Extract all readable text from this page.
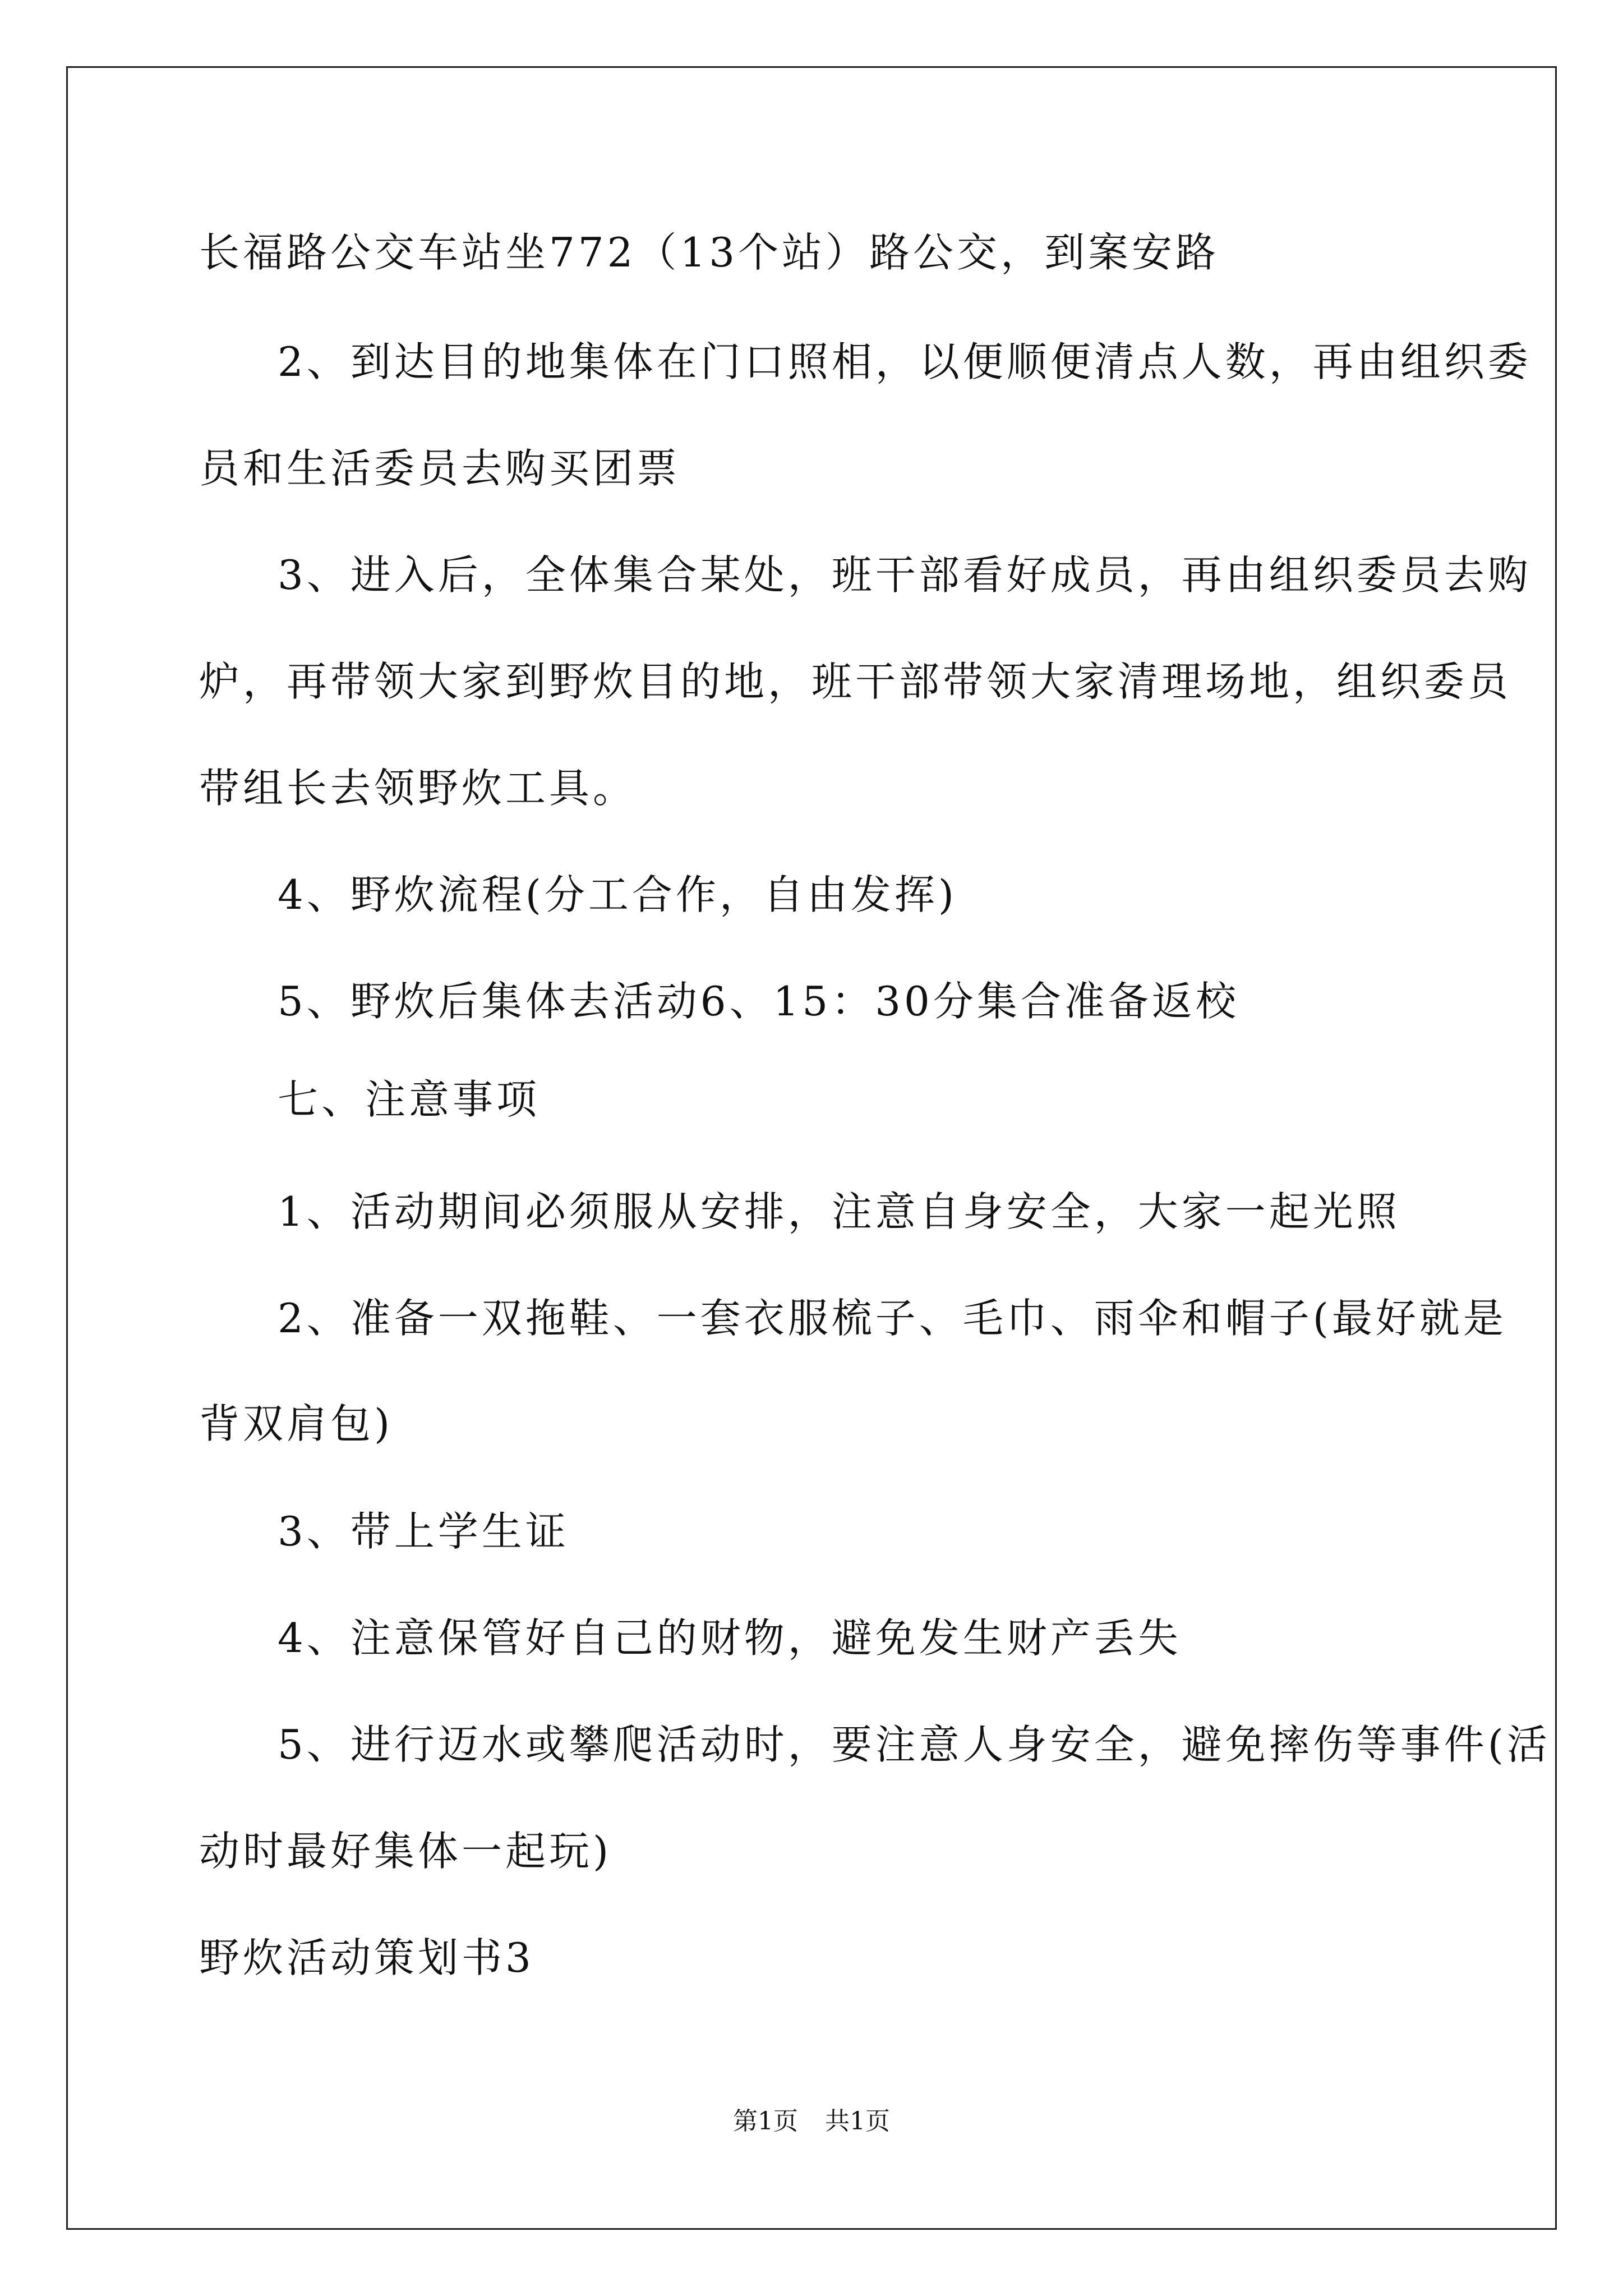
长福路公交车站坐772（13个站）路公交，到案安路
2、到达目的地集体在门口照相，以便顺便清点人数，再由组织委
员和生活委员去购买团票
3、进入后，全体集合某处，班干部看好成员，再由组织委员去购
炉，再带领大家到野炊目的地，班干部带领大家清理场地，组织委员
带组长去领野炊工具。
4、野炊流程(分工合作，自由发挥)
5、野炊后集体去活动6、15：30分集合准备返校
七、注意事项
1、活动期间必须服从安排，注意自身安全，大家一起光照
2、准备一双拖鞋、一套衣服梳子、毛巾、雨伞和帽子(最好就是
背双肩包)
3、带上学生证
4、注意保管好自己的财物，避免发生财产丢失
5、进行迈水或攀爬活动时，要注意人身安全，避免摔伤等事件(活
动时最好集体一起玩)
野炊活动策划书3
第1页 共1页
